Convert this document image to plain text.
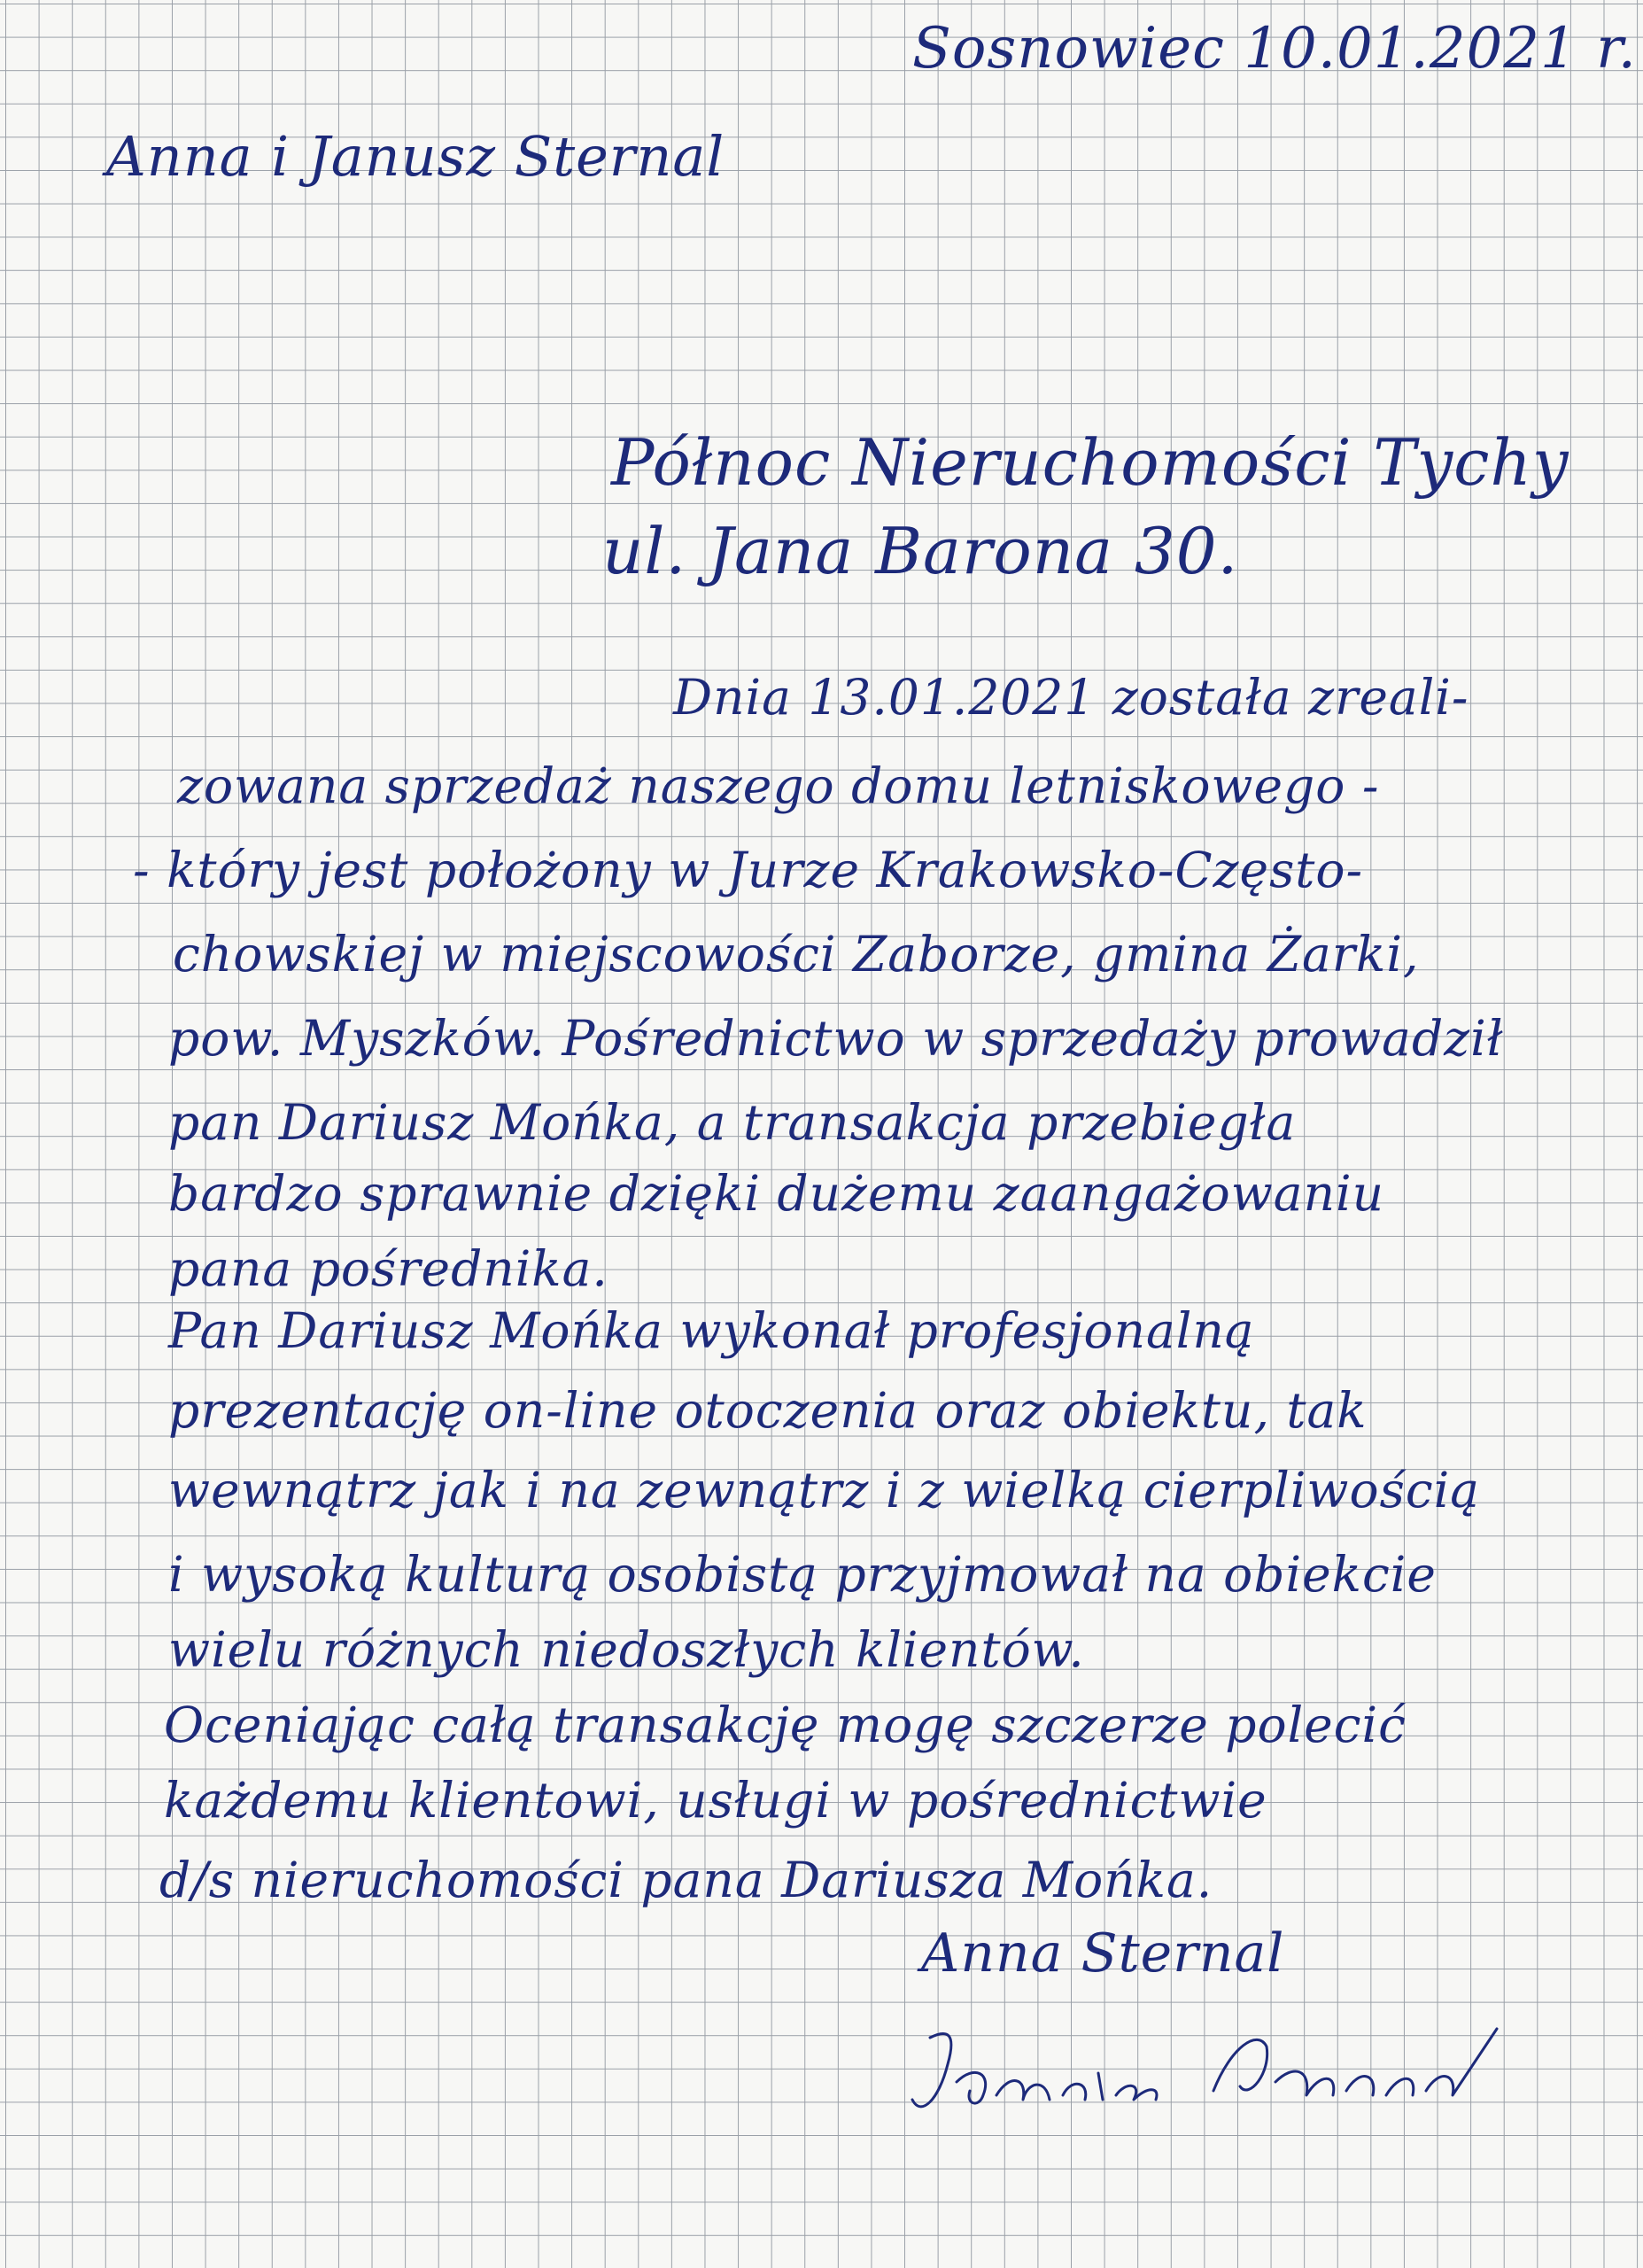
Sosnowiec 10.01.2021 r.
Anna i Janusz Sternal
Północ Nieruchomości Tychy
ul. Jana Barona 30.
Dnia 13.01.2021 została zreali-
zowana sprzedaż naszego domu letniskowego -
- który jest położony w Jurze Krakowsko-Często-
chowskiej w miejscowości Zaborze, gmina Żarki,
pow. Myszków. Pośrednictwo w sprzedaży prowadził
pan Dariusz Mońka, a transakcja przebiegła
bardzo sprawnie dzięki dużemu zaangażowaniu
pana pośrednika.
Pan Dariusz Mońka wykonał profesjonalną
prezentację on-line otoczenia oraz obiektu, tak
wewnątrz jak i na zewnątrz i z wielką cierpliwością
i wysoką kulturą osobistą przyjmował na obiekcie
wielu różnych niedoszłych klientów.
Oceniając całą transakcję mogę szczerze polecić
każdemu klientowi, usługi w pośrednictwie
d/s nieruchomości pana Dariusza Mońka.
Anna Sternal
